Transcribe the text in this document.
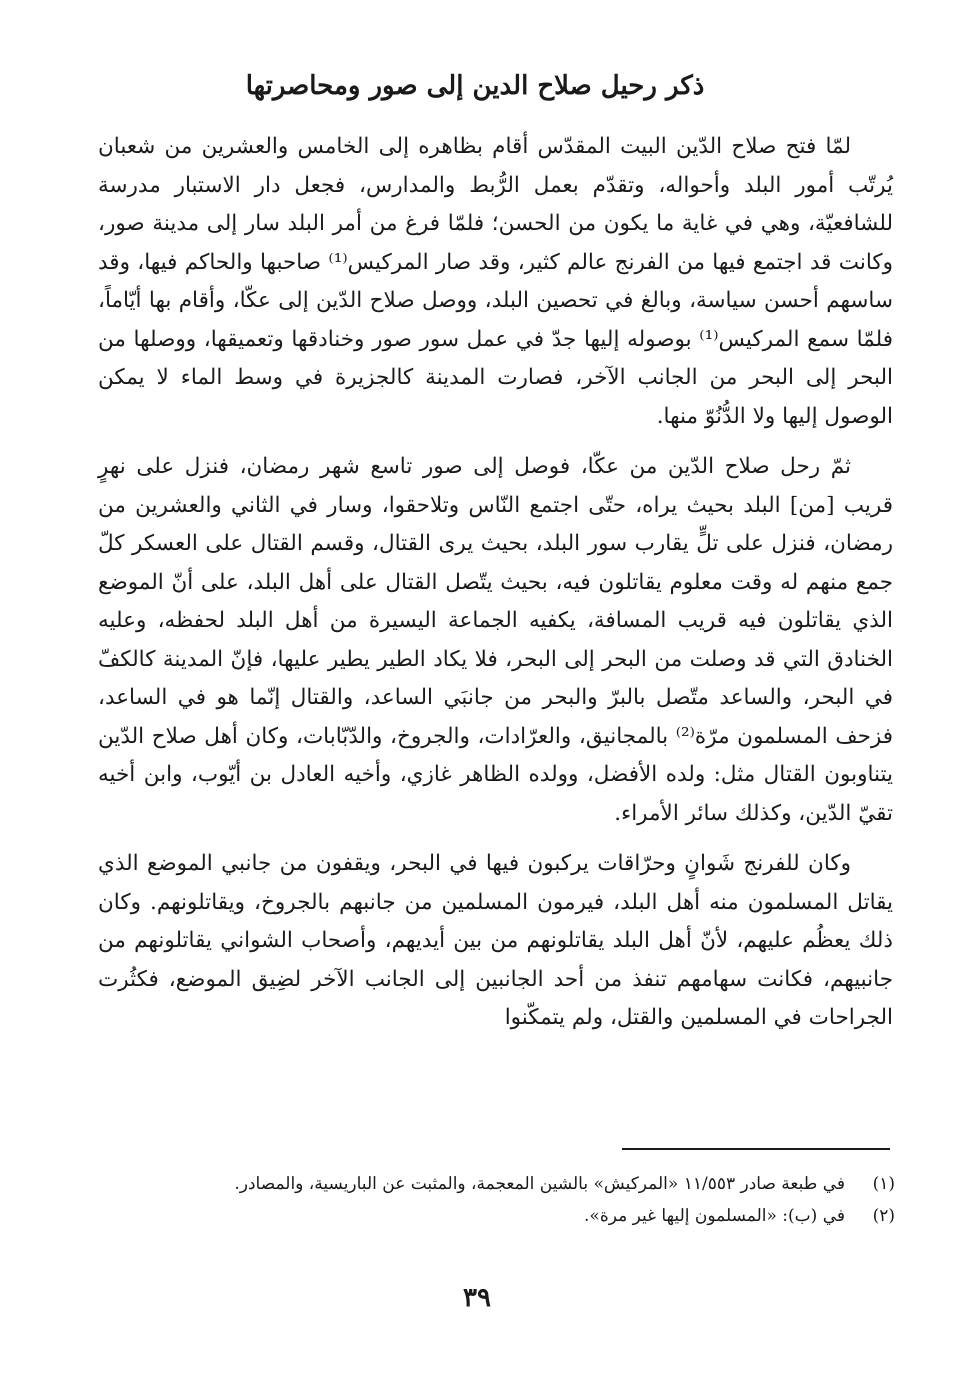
ذكر رحيل صلاح الدين إلى صور ومحاصرتها

لمّا فتح صلاح الدّين البيت المقدّس أقام بظاهره إلى الخامس والعشرين من شعبان يُرتّب أمور البلد وأحواله، وتقدّم بعمل الرُّبط والمدارس، فجعل دار الاستبار مدرسة للشافعيّة، وهي في غاية ما يكون من الحسن؛ فلمّا فرغ من أمر البلد سار إلى مدينة صور، وكانت قد اجتمع فيها من الفرنج عالم كثير، وقد صار المركيس⁽¹⁾ صاحبها والحاكم فيها، وقد ساسهم أحسن سياسة، وبالغ في تحصين البلد، ووصل صلاح الدّين إلى عكّا، وأقام بها أيّاماً، فلمّا سمع المركيس⁽¹⁾ بوصوله إليها جدّ في عمل سور صور وخنادقها وتعميقها، ووصلها من البحر إلى البحر من الجانب الآخر، فصارت المدينة كالجزيرة في وسط الماء لا يمكن الوصول إليها ولا الدُّنُوّ منها.

ثمّ رحل صلاح الدّين من عكّا، فوصل إلى صور تاسع شهر رمضان، فنزل على نهرٍ قريب [من] البلد بحيث يراه، حتّى اجتمع النّاس وتلاحقوا، وسار في الثاني والعشرين من رمضان، فنزل على تلٍّ يقارب سور البلد، بحيث يرى القتال، وقسم القتال على العسكر كلّ جمع منهم له وقت معلوم يقاتلون فيه، بحيث يتّصل القتال على أهل البلد، على أنّ الموضع الذي يقاتلون فيه قريب المسافة، يكفيه الجماعة اليسيرة من أهل البلد لحفظه، وعليه الخنادق التي قد وصلت من البحر إلى البحر، فلا يكاد الطير يطير عليها، فإنّ المدينة كالكفّ في البحر، والساعد متّصل بالبرّ والبحر من جانبَي الساعد، والقتال إنّما هو في الساعد، فزحف المسلمون مرّة⁽²⁾ بالمجانيق، والعرّادات، والجروخ، والدّبّابات، وكان أهل صلاح الدّين يتناوبون القتال مثل: ولده الأفضل، وولده الظاهر غازي، وأخيه العادل بن أيّوب، وابن أخيه تقيّ الدّين، وكذلك سائر الأمراء.

وكان للفرنج شَوانٍ وحرّاقات يركبون فيها في البحر، ويقفون من جانبي الموضع الذي يقاتل المسلمون منه أهل البلد، فيرمون المسلمين من جانبهم بالجروخ، ويقاتلونهم. وكان ذلك يعظُم عليهم، لأنّ أهل البلد يقاتلونهم من بين أيديهم، وأصحاب الشواني يقاتلونهم من جانبيهم، فكانت سهامهم تنفذ من أحد الجانبين إلى الجانب الآخر لضِيق الموضع، فكثُرت الجراحات في المسلمين والقتل، ولم يتمكّنوا

(١)
في طبعة صادر ١١/٥٥٣ «المركيش» بالشين المعجمة، والمثبت عن الباريسية، والمصادر.
(٢)
في (ب): «المسلمون إليها غير مرة».
٣٩
